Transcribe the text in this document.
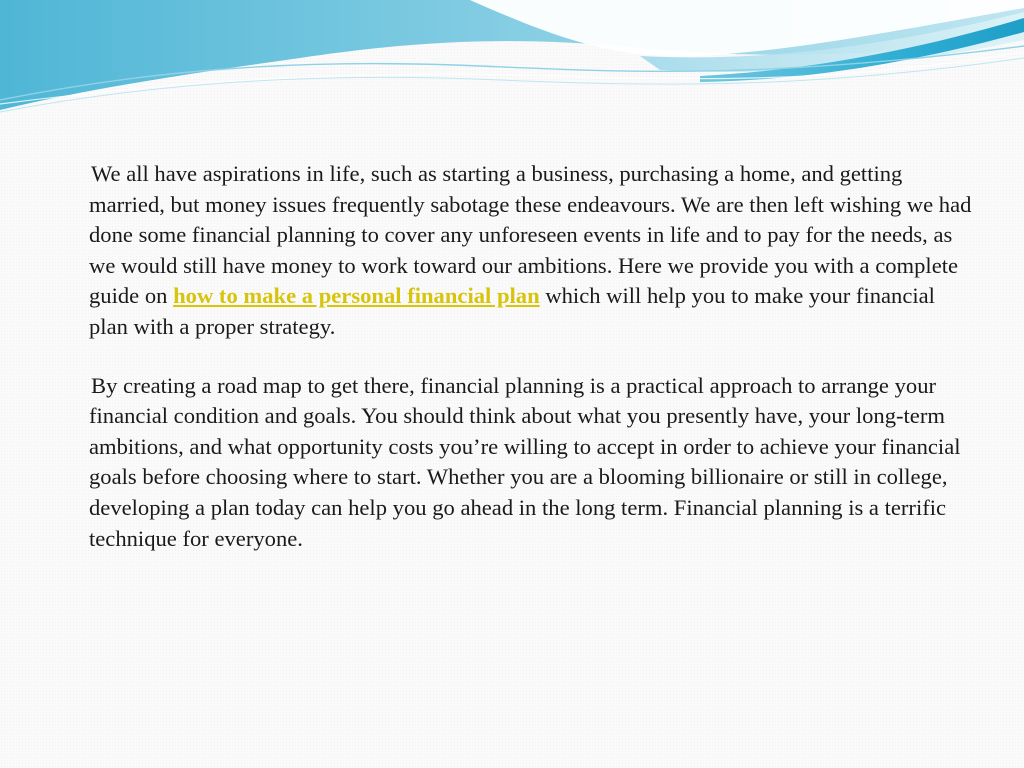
We all have aspirations in life, such as starting a business, purchasing a home, and getting married, but money issues frequently sabotage these endeavours. We are then left wishing we had done some financial planning to cover any unforeseen events in life and to pay for the needs, as we would still have money to work toward our ambitions. Here we provide you with a complete guide on how to make a personal financial plan which will help you to make your financial plan with a proper strategy.

By creating a road map to get there, financial planning is a practical approach to arrange your financial condition and goals. You should think about what you presently have, your long-term ambitions, and what opportunity costs you’re willing to accept in order to achieve your financial goals before choosing where to start. Whether you are a blooming billionaire or still in college, developing a plan today can help you go ahead in the long term. Financial planning is a terrific technique for everyone.
